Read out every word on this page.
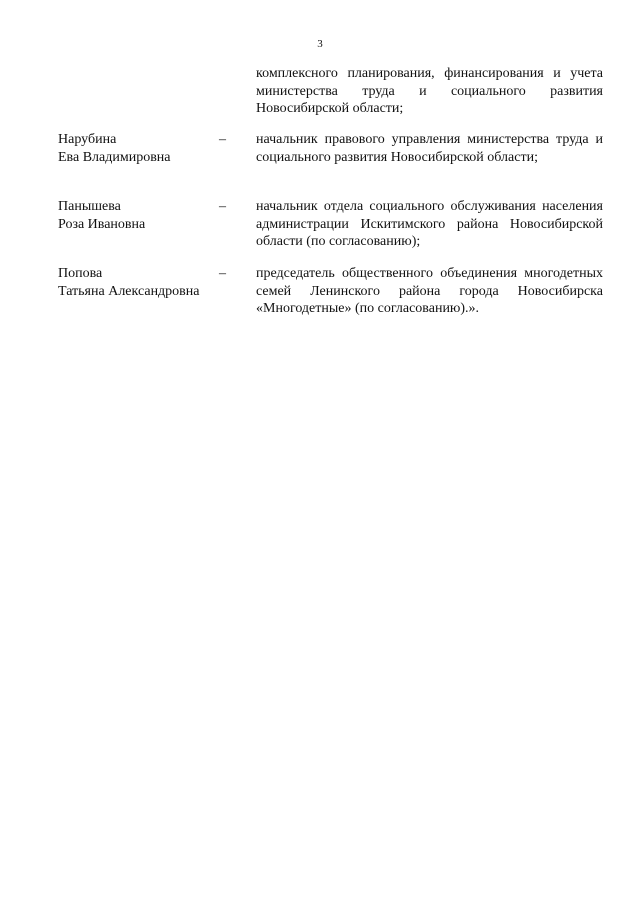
3
комплексного планирования, финансирования и учета
министерства труда и социального развития
Новосибирской области;
Нарубина
Ева Владимировна
–	начальник правового управления министерства труда и
социального развития Новосибирской области;
Панышева
Роза Ивановна
–	начальник отдела социального обслуживания населения
администрации Искитимского района Новосибирской
области (по согласованию);
Попова
Татьяна Александровна
–	председатель общественного объединения многодетных
семей Ленинского района города Новосибирска
«Многодетные» (по согласованию).».
